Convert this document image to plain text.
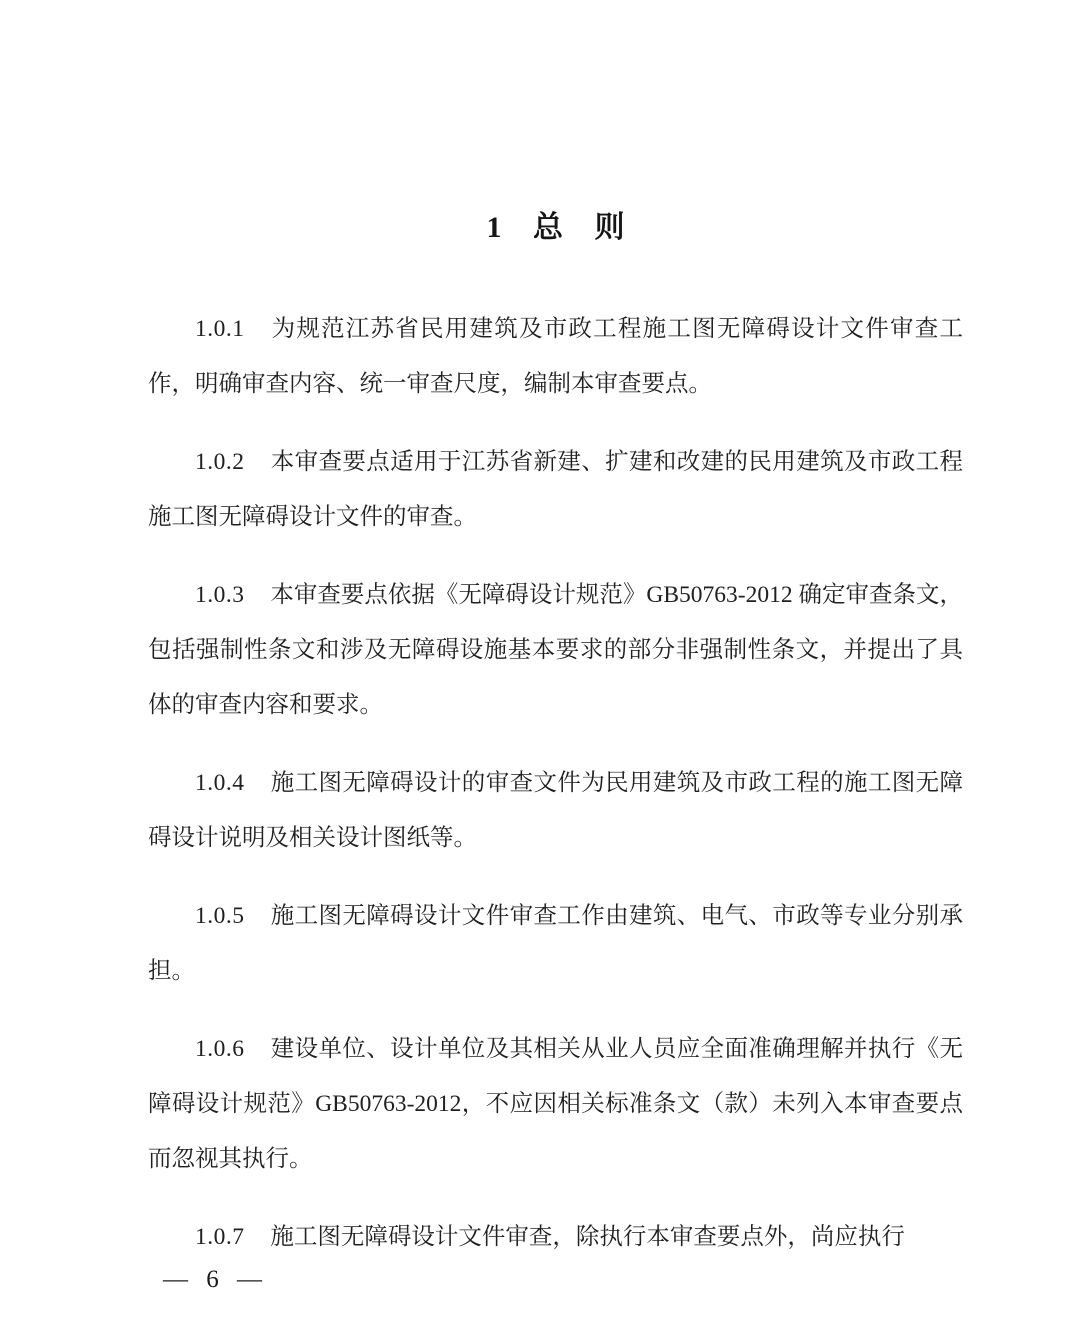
1 总 则

1.0.1 为规范江苏省民用建筑及市政工程施工图无障碍设计文件审查工作，明确审查内容、统一审查尺度，编制本审查要点。

1.0.2 本审查要点适用于江苏省新建、扩建和改建的民用建筑及市政工程施工图无障碍设计文件的审查。

1.0.3 本审查要点依据《无障碍设计规范》GB50763-2012 确定审查条文，包括强制性条文和涉及无障碍设施基本要求的部分非强制性条文，并提出了具体的审查内容和要求。

1.0.4 施工图无障碍设计的审查文件为民用建筑及市政工程的施工图无障碍设计说明及相关设计图纸等。

1.0.5 施工图无障碍设计文件审查工作由建筑、电气、市政等专业分别承担。

1.0.6 建设单位、设计单位及其相关从业人员应全面准确理解并执行《无障碍设计规范》GB50763-2012，不应因相关标准条文（款）未列入本审查要点而忽视其执行。

1.0.7 施工图无障碍设计文件审查，除执行本审查要点外，尚应执行

— 6 —
